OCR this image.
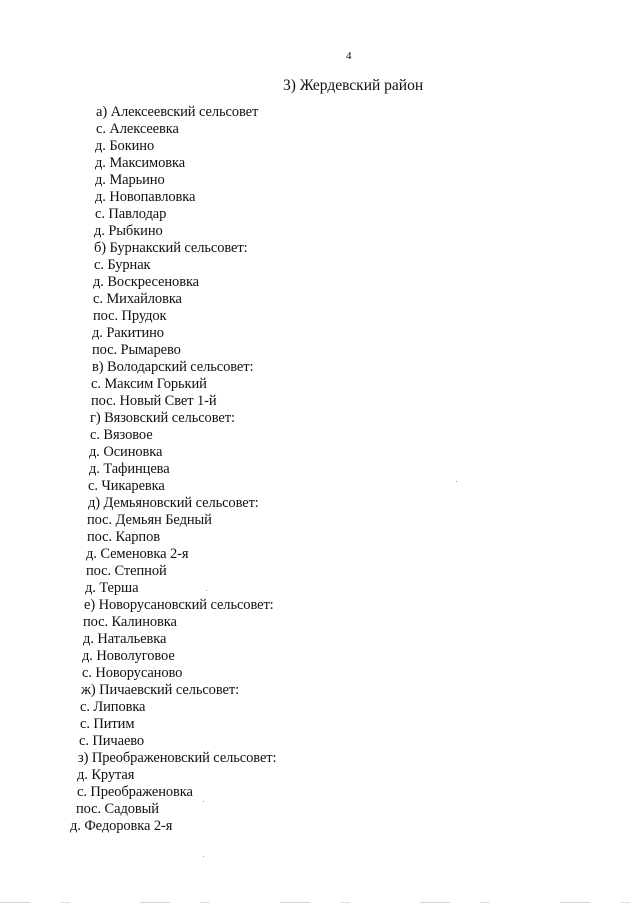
4
3) Жердевский район
а) Алексеевский сельсовет
с. Алексеевка
д. Бокино
д. Максимовка
д. Марьино
д. Новопавловка
с. Павлодар
д. Рыбкино
б) Бурнакский сельсовет:
с. Бурнак
д. Воскресеновка
с. Михайловка
пос. Прудок
д. Ракитино
пос. Рымарево
в) Володарский сельсовет:
с. Максим Горький
пос. Новый Свет 1-й
г) Вязовский сельсовет:
с. Вязовое
д. Осиновка
д. Тафинцева
с. Чикаревка
д) Демьяновский сельсовет:
пос. Демьян Бедный
пос. Карпов
д. Семеновка 2-я
пос. Степной
д. Терша
е) Новорусановский сельсовет:
пос. Калиновка
д. Натальевка
д. Новолуговое
с. Новорусаново
ж) Пичаевский сельсовет:
с. Липовка
с. Питим
с. Пичаево
з) Преображеновский сельсовет:
д. Крутая
с. Преображеновка
пос. Садовый
д. Федоровка 2-я
